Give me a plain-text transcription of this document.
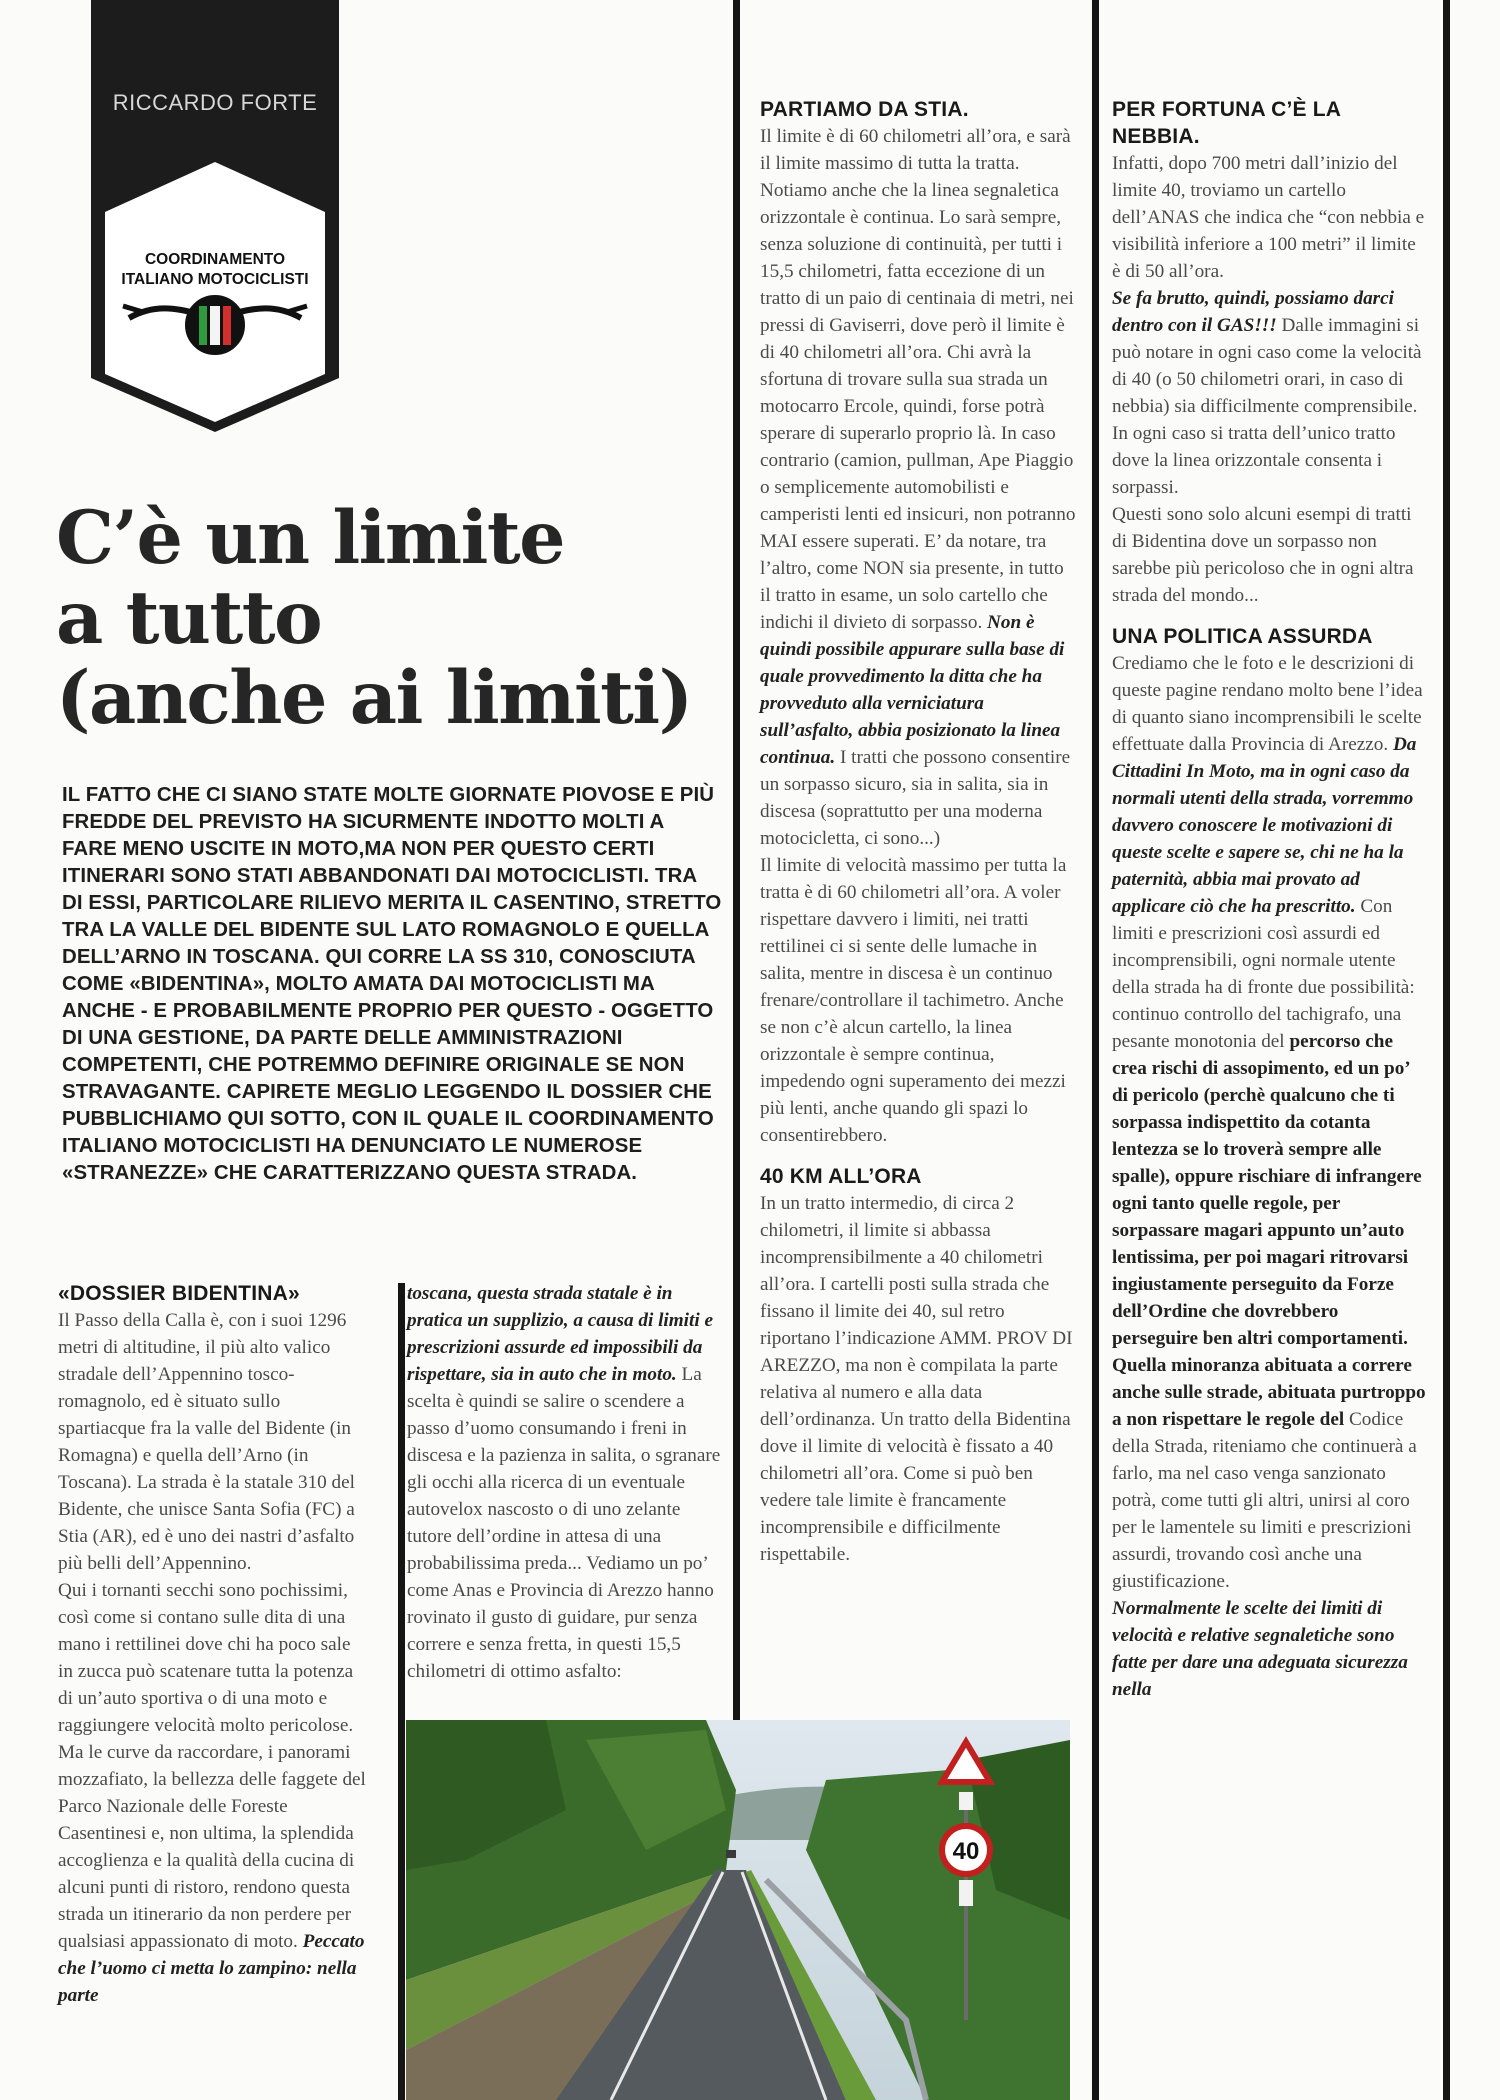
RICCARDO FORTE
COORDINAMENTO
ITALIANO MOTOCICLISTI
C’è un limite
a tutto
(anche ai limiti)

IL FATTO CHE CI SIANO STATE MOLTE GIORNATE PIOVOSE E PIÙ FREDDE DEL PREVISTO HA SICURMENTE INDOTTO MOLTI A FARE MENO USCITE IN MOTO,MA NON PER QUESTO CERTI ITINERARI SONO STATI ABBANDONATI DAI MOTOCICLISTI. TRA DI ESSI, PARTICOLARE RILIEVO MERITA IL CASENTINO, STRETTO TRA LA VALLE DEL BIDENTE SUL LATO ROMAGNOLO E QUELLA DELL’ARNO IN TOSCANA. QUI CORRE LA SS 310, CONOSCIUTA COME «BIDENTINA», MOLTO AMATA DAI MOTOCICLISTI MA ANCHE - E PROBABILMENTE PROPRIO PER QUESTO - OGGETTO DI UNA GESTIONE, DA PARTE DELLE AMMINISTRAZIONI COMPETENTI, CHE POTREMMO DEFINIRE ORIGINALE SE NON STRAVAGANTE. CAPIRETE MEGLIO LEGGENDO IL DOSSIER CHE PUBBLICHIAMO QUI SOTTO, CON IL QUALE IL COORDINAMENTO ITALIANO MOTOCICLISTI HA DENUNCIATO LE NUMEROSE «STRANEZZE» CHE CARATTERIZZANO QUESTA STRADA.

«DOSSIER BIDENTINA»

Il Passo della Calla è, con i suoi 1296 metri di altitudine, il più alto valico stradale dell’Appennino tosco-romagnolo, ed è situato sullo spartiacque fra la valle del Bidente (in Romagna) e quella dell’Arno (in Toscana). La strada è la statale 310 del Bidente, che unisce Santa Sofia (FC) a Stia (AR), ed è uno dei nastri d’asfalto più belli dell’Appennino.

Qui i tornanti secchi sono pochissimi, così come si contano sulle dita di una mano i rettilinei dove chi ha poco sale in zucca può scatenare tutta la potenza di un’auto sportiva o di una moto e raggiungere velocità molto pericolose. Ma le curve da raccordare, i panorami mozzafiato, la bellezza delle faggete del Parco Nazionale delle Foreste Casentinesi e, non ultima, la splendida accoglienza e la qualità della cucina di alcuni punti di ristoro, rendono questa strada un itinerario da non perdere per qualsiasi appassionato di moto. Peccato che l’uomo ci metta lo zampino: nella parte

toscana, questa strada statale è in pratica un supplizio, a causa di limiti e prescrizioni assurde ed impossibili da rispettare, sia in auto che in moto. La scelta è quindi se salire o scendere a passo d’uomo consumando i freni in discesa e la pazienza in salita, o sgranare gli occhi alla ricerca di un eventuale autovelox nascosto o di uno zelante tutore dell’ordine in attesa di una probabilissima preda... Vediamo un po’ come Anas e Provincia di Arezzo hanno rovinato il gusto di guidare, pur senza correre e senza fretta, in questi 15,5 chilometri di ottimo asfalto:

40
PARTIAMO DA STIA.

Il limite è di 60 chilometri all’ora, e sarà il limite massimo di tutta la tratta. Notiamo anche che la linea segnaletica orizzontale è continua. Lo sarà sempre, senza soluzione di continuità, per tutti i 15,5 chilometri, fatta eccezione di un tratto di un paio di centinaia di metri, nei pressi di Gaviserri, dove però il limite è di 40 chilometri all’ora. Chi avrà la sfortuna di trovare sulla sua strada un motocarro Ercole, quindi, forse potrà sperare di superarlo proprio là. In caso contrario (camion, pullman, Ape Piaggio o semplicemente automobilisti e camperisti lenti ed insicuri, non potranno MAI essere superati. E’ da notare, tra l’altro, come NON sia presente, in tutto il tratto in esame, un solo cartello che indichi il divieto di sorpasso. Non è quindi possibile appurare sulla base di quale provvedimento la ditta che ha provveduto alla verniciatura sull’asfalto, abbia posizionato la linea continua. I tratti che possono consentire un sorpasso sicuro, sia in salita, sia in discesa (soprattutto per una moderna motocicletta, ci sono...)

Il limite di velocità massimo per tutta la tratta è di 60 chilometri all’ora. A voler rispettare davvero i limiti, nei tratti rettilinei ci si sente delle lumache in salita, mentre in discesa è un continuo frenare/controllare il tachimetro. Anche se non c’è alcun cartello, la linea orizzontale è sempre continua, impedendo ogni superamento dei mezzi più lenti, anche quando gli spazi lo consentirebbero.

40 KM ALL’ORA

In un tratto intermedio, di circa 2 chilometri, il limite si abbassa incomprensibilmente a 40 chilometri all’ora. I cartelli posti sulla strada che fissano il limite dei 40, sul retro riportano l’indicazione AMM. PROV DI AREZZO, ma non è compilata la parte relativa al numero e alla data dell’ordinanza. Un tratto della Bidentina dove il limite di velocità è fissato a 40 chilometri all’ora. Come si può ben vedere tale limite è francamente incomprensibile e difficilmente rispettabile.

PER FORTUNA C’È LA NEBBIA.

Infatti, dopo 700 metri dall’inizio del limite 40, troviamo un cartello dell’ANAS che indica che “con nebbia e visibilità inferiore a 100 metri” il limite è di 50 all’ora.

Se fa brutto, quindi, possiamo darci dentro con il GAS!!! Dalle immagini si può notare in ogni caso come la velocità di 40 (o 50 chilometri orari, in caso di nebbia) sia difficilmente comprensibile. In ogni caso si tratta dell’unico tratto dove la linea orizzontale consenta i sorpassi.

Questi sono solo alcuni esempi di tratti di Bidentina dove un sorpasso non sarebbe più pericoloso che in ogni altra strada del mondo...

UNA POLITICA ASSURDA

Crediamo che le foto e le descrizioni di queste pagine rendano molto bene l’idea di quanto siano incomprensibili le scelte effettuate dalla Provincia di Arezzo. Da Cittadini In Moto, ma in ogni caso da normali utenti della strada, vorremmo davvero conoscere le motivazioni di queste scelte e sapere se, chi ne ha la paternità, abbia mai provato ad applicare ciò che ha prescritto. Con limiti e prescrizioni così assurdi ed incomprensibili, ogni normale utente della strada ha di fronte due possibilità: continuo controllo del tachigrafo, una pesante monotonia del percorso che crea rischi di assopimento, ed un po’ di pericolo (perchè qualcuno che ti sorpassa indispettito da cotanta lentezza se lo troverà sempre alle spalle), oppure rischiare di infrangere ogni tanto quelle regole, per sorpassare magari appunto un’auto lentissima, per poi magari ritrovarsi ingiustamente perseguito da Forze dell’Ordine che dovrebbero perseguire ben altri comportamenti. Quella minoranza abituata a correre anche sulle strade, abituata purtroppo a non rispettare le regole del Codice della Strada, riteniamo che continuerà a farlo, ma nel caso venga sanzionato potrà, come tutti gli altri, unirsi al coro per le lamentele su limiti e prescrizioni assurdi, trovando così anche una giustificazione.

Normalmente le scelte dei limiti di velocità e relative segnaletiche sono fatte per dare una adeguata sicurezza nella
